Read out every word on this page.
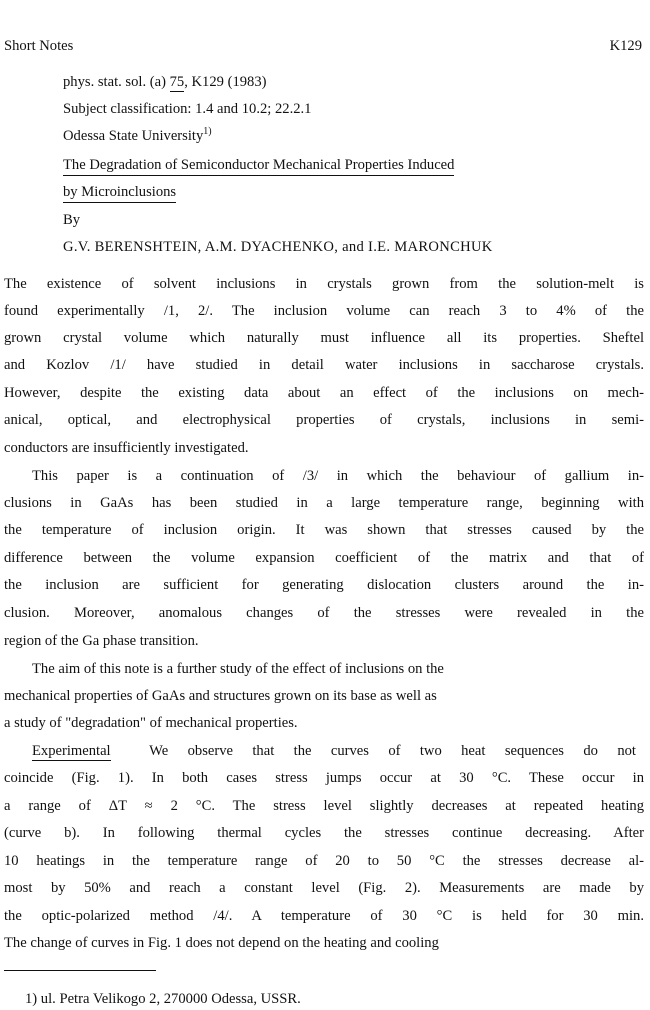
Short Notes	K129
phys. stat. sol. (a) 75, K129 (1983)
Subject classification: 1.4 and 10.2; 22.2.1
Odessa State University$^{1)}$
The Degradation of Semiconductor Mechanical Properties Induced
by Microinclusions
By
G.V. BERENSHTEIN, A.M. DYACHENKO, and I.E. MARONCHUK
The existence of solvent inclusions in crystals grown from the solution-melt is
found experimentally /1, 2/. The inclusion volume can reach 3 to 4% of the
grown crystal volume which naturally must influence all its properties. Sheftel
and Kozlov /1/ have studied in detail water inclusions in saccharose crystals.
However, despite the existing data about an effect of the inclusions on mech-
anical, optical, and electrophysical properties of crystals, inclusions in semi-
conductors are insufficiently investigated.
This paper is a continuation of /3/ in which the behaviour of gallium in-
clusions in GaAs has been studied in a large temperature range, beginning with
the temperature of inclusion origin. It was shown that stresses caused by the
difference between the volume expansion coefficient of the matrix and that of
the inclusion are sufficient for generating dislocation clusters around the in-
clusion. Moreover, anomalous changes of the stresses were revealed in the
region of the Ga phase transition.
The aim of this note is a further study of the effect of inclusions on the
mechanical properties of GaAs and structures grown on its base as well as
a study of "degradation" of mechanical properties.
Experimental	We observe that the curves of two heat sequences do not
coincide (Fig. 1). In both cases stress jumps occur at 30 °C. These occur in
a range of ΔT ≈ 2 °C. The stress level slightly decreases at repeated heating
(curve b). In following thermal cycles the stresses continue decreasing. After
10 heatings in the temperature range of 20 to 50 °C the stresses decrease al-
most by 50% and reach a constant level (Fig. 2). Measurements are made by
the optic-polarized method /4/. A temperature of 30 °C is held for 30 min.
The change of curves in Fig. 1 does not depend on the heating and cooling
1) ul. Petra Velikogo 2, 270000 Odessa, USSR.
